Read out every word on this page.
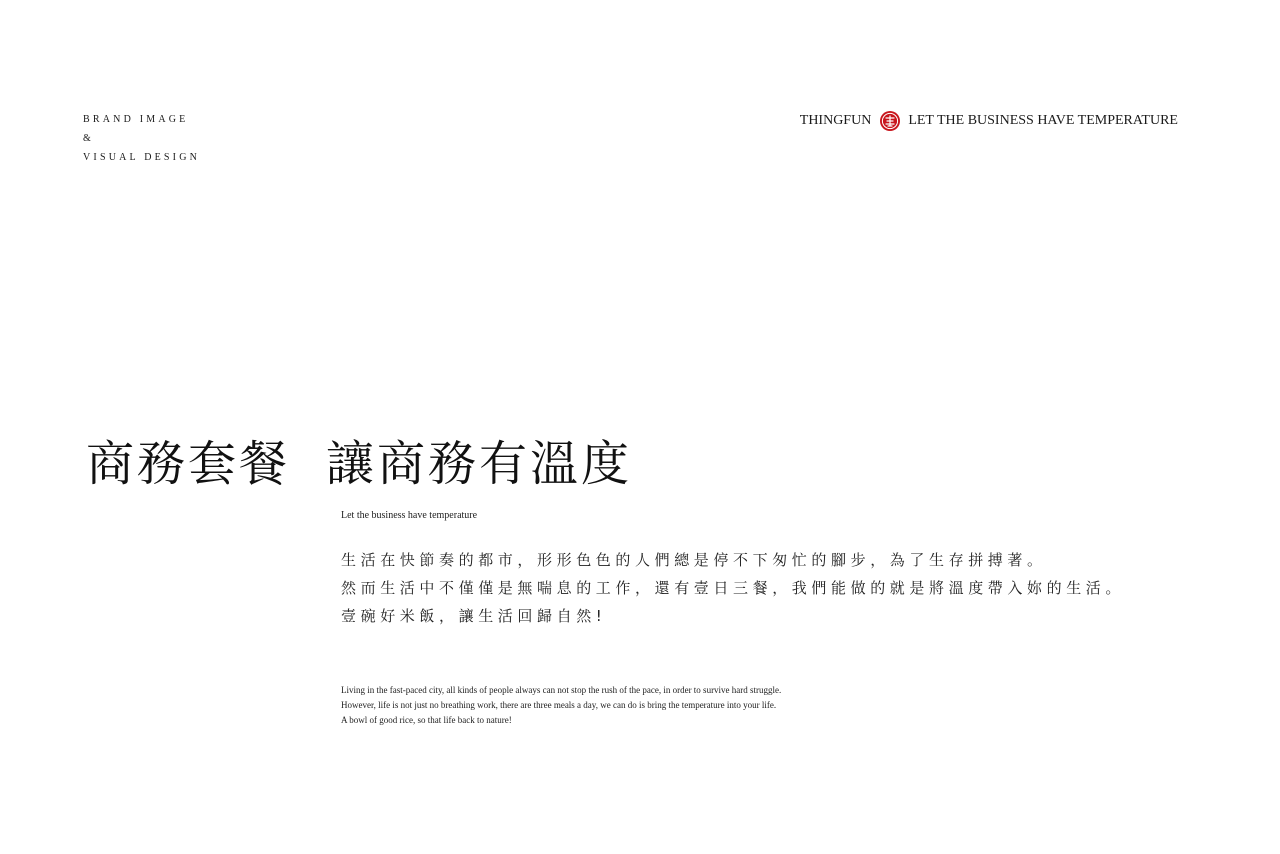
BRAND IMAGE
&
VISUAL DESIGN
THINGFUN	LET THE BUSINESS HAVE TEMPERATURE
商務套餐 讓商務有溫度
Let the business have temperature
生活在快節奏的都市，形形色色的人們總是停不下匆忙的腳步，為了生存拼搏著。
然而生活中不僅僅是無喘息的工作，還有壹日三餐，我們能做的就是將溫度帶入妳的生活。
壹碗好米飯，讓生活回歸自然!
Living in the fast-paced city, all kinds of people always can not stop the rush of the pace, in order to survive hard struggle.
However, life is not just no breathing work, there are three meals a day, we can do is bring the temperature into your life.
A bowl of good rice, so that life back to nature!
